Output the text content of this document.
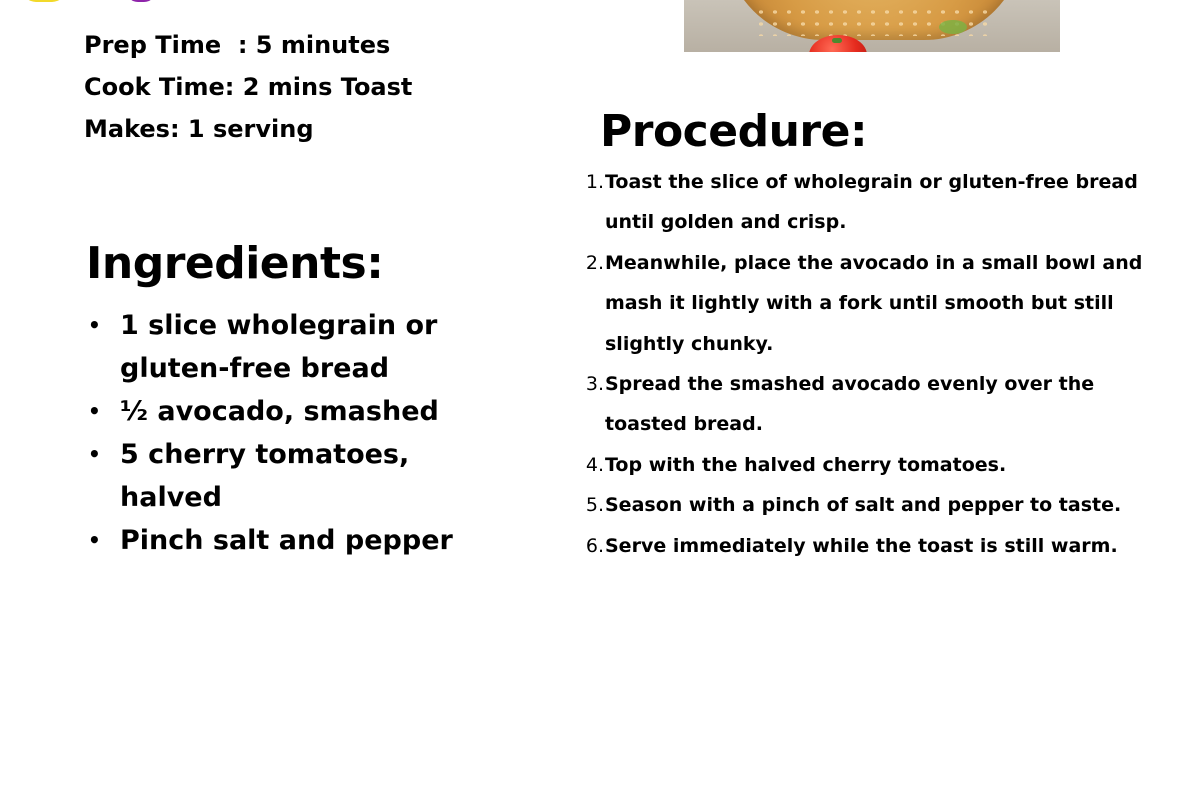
Prep Time  : 5 minutes
Cook Time: 2 mins Toast
Makes: 1 serving
Ingredients:
• 1 slice wholegrain or gluten-free bread
• ½ avocado, smashed
• 5 cherry tomatoes, halved
• Pinch salt and pepper
Procedure:
1. Toast the slice of wholegrain or gluten-free bread until golden and crisp.
2. Meanwhile, place the avocado in a small bowl and mash it lightly with a fork until smooth but still slightly chunky.
3. Spread the smashed avocado evenly over the toasted bread.
4. Top with the halved cherry tomatoes.
5. Season with a pinch of salt and pepper to taste.
6. Serve immediately while the toast is still warm.
